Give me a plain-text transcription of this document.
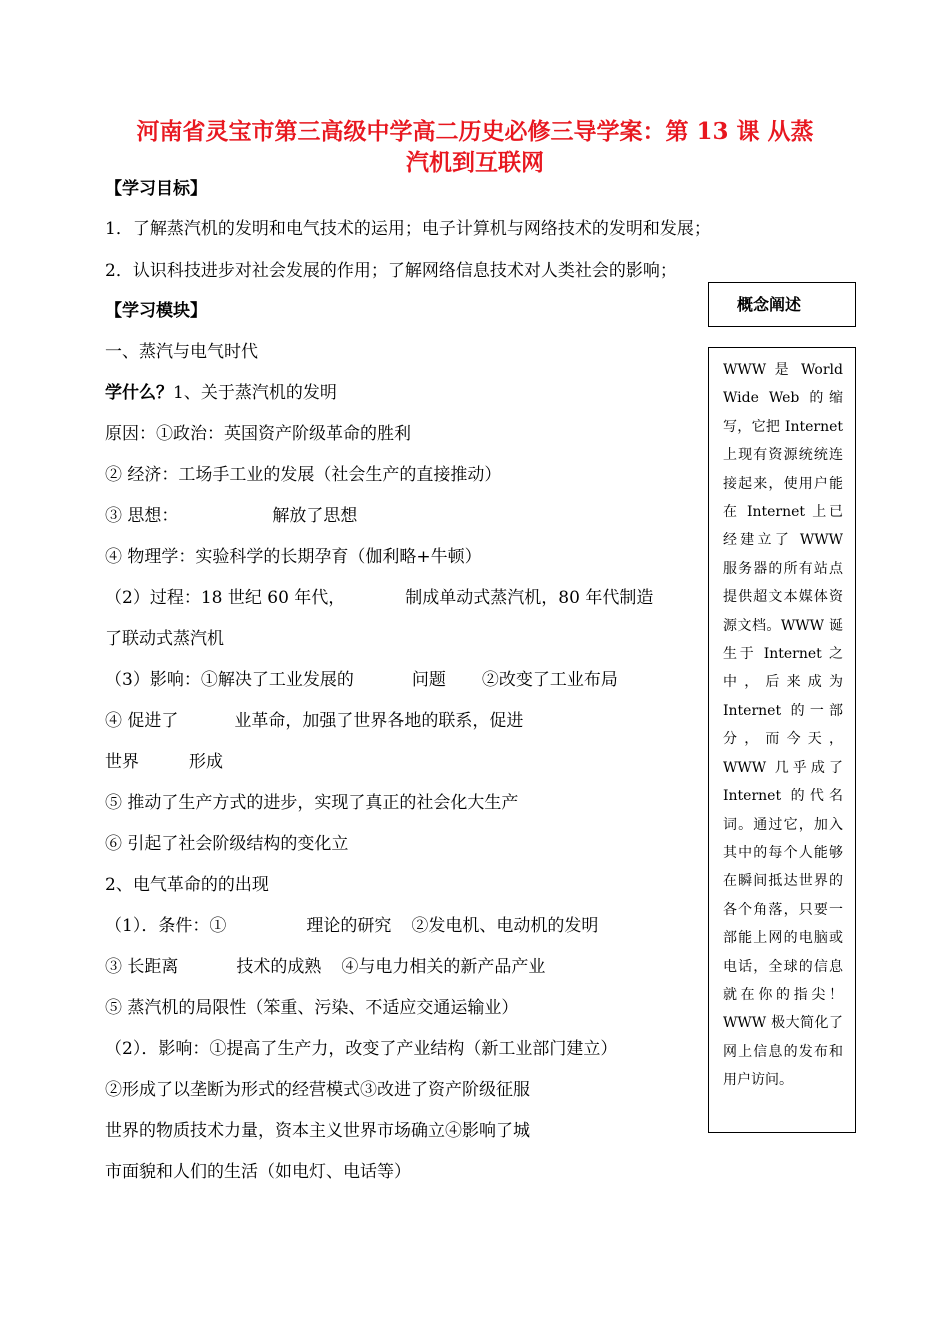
河南省灵宝市第三高级中学高二历史必修三导学案：第 13 课 从蒸
汽机到互联网
【学习目标】
1．了解蒸汽机的发明和电气技术的运用；电子计算机与网络技术的发明和发展；
2．认识科技进步对社会发展的作用；了解网络信息技术对人类社会的影响；
【学习模块】
一、蒸汽与电气时代
学什么？1、关于蒸汽机的发明
原因：①政治：英国资产阶级革命的胜利
② 经济：工场手工业的发展（社会生产的直接推动）
③ 思想：	解放了思想
④ 物理学：实验科学的长期孕育（伽利略+牛顿）
（2）过程：18 世纪 60 年代，	制成单动式蒸汽机，80 年代制造
了联动式蒸汽机
（3）影响：①解决了工业发展的	问题 ②改变了工业布局
④ 促进了	业革命，加强了世界各地的联系，促进
世界	形成
⑤ 推动了生产方式的进步，实现了真正的社会化大生产
⑥ 引起了社会阶级结构的变化立
2、电气革命的的出现
（1）．条件：①	理论的研究 ②发电机、电动机的发明
③ 长距离	技术的成熟 ④与电力相关的新产品产业
⑤ 蒸汽机的局限性（笨重、污染、不适应交通运输业）
（2）．影响：①提高了生产力，改变了产业结构（新工业部门建立）
②形成了以垄断为形式的经营模式③改进了资产阶级征服
世界的物质技术力量，资本主义世界市场确立④影响了城
市面貌和人们的生活（如电灯、电话等）
概念阐述
WWW 是 World Wide Web 的缩写，它把 Internet 上现有资源统统连接起来，使用户能在 Internet 上已经建立了 WWW 服务器的所有站点提供超文本媒体资源文档。WWW 诞生于 Internet 之中，后来成为 Internet 的一部分，而今天，WWW 几乎成了 Internet 的代名词。通过它，加入其中的每个人能够在瞬间抵达世界的各个角落，只要一部能上网的电脑或电话，全球的信息就在你的指尖！WWW 极大简化了网上信息的发布和用户访问。
